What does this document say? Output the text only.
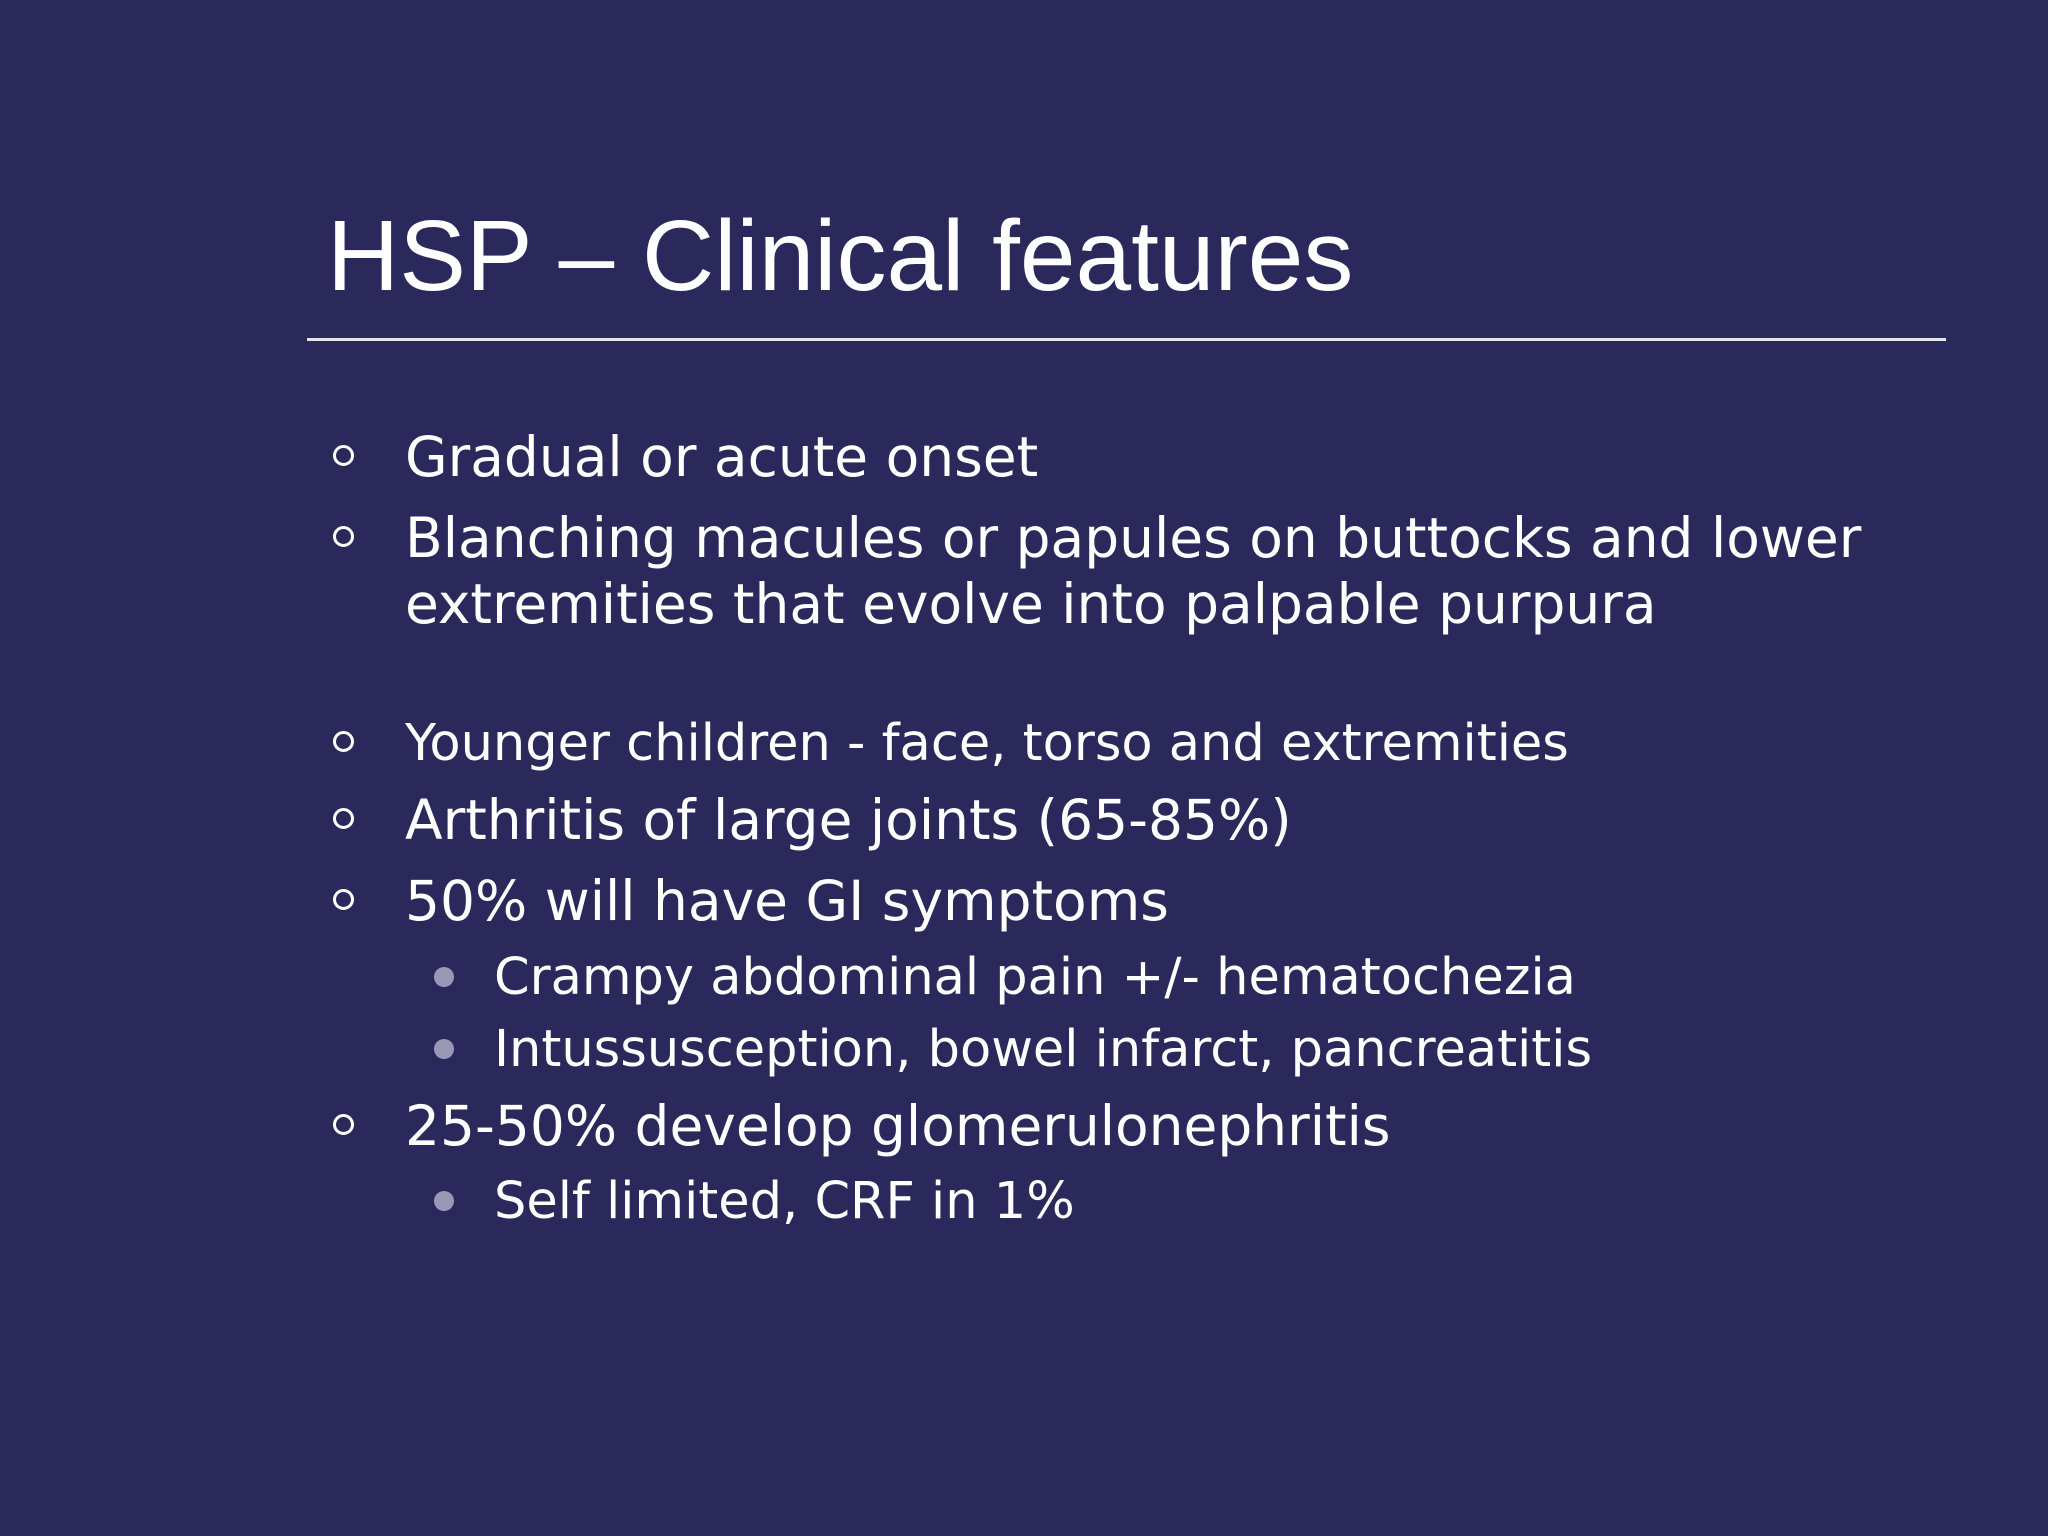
HSP – Clinical features
Gradual or acute onset
Blanching macules or papules on buttocks and lower extremities that evolve into palpable purpura
Younger children - face, torso and extremities
Arthritis of large joints (65-85%)
50% will have GI symptoms
Crampy abdominal pain +/- hematochezia
Intussusception, bowel infarct, pancreatitis
25-50% develop glomerulonephritis
Self limited, CRF in 1%
